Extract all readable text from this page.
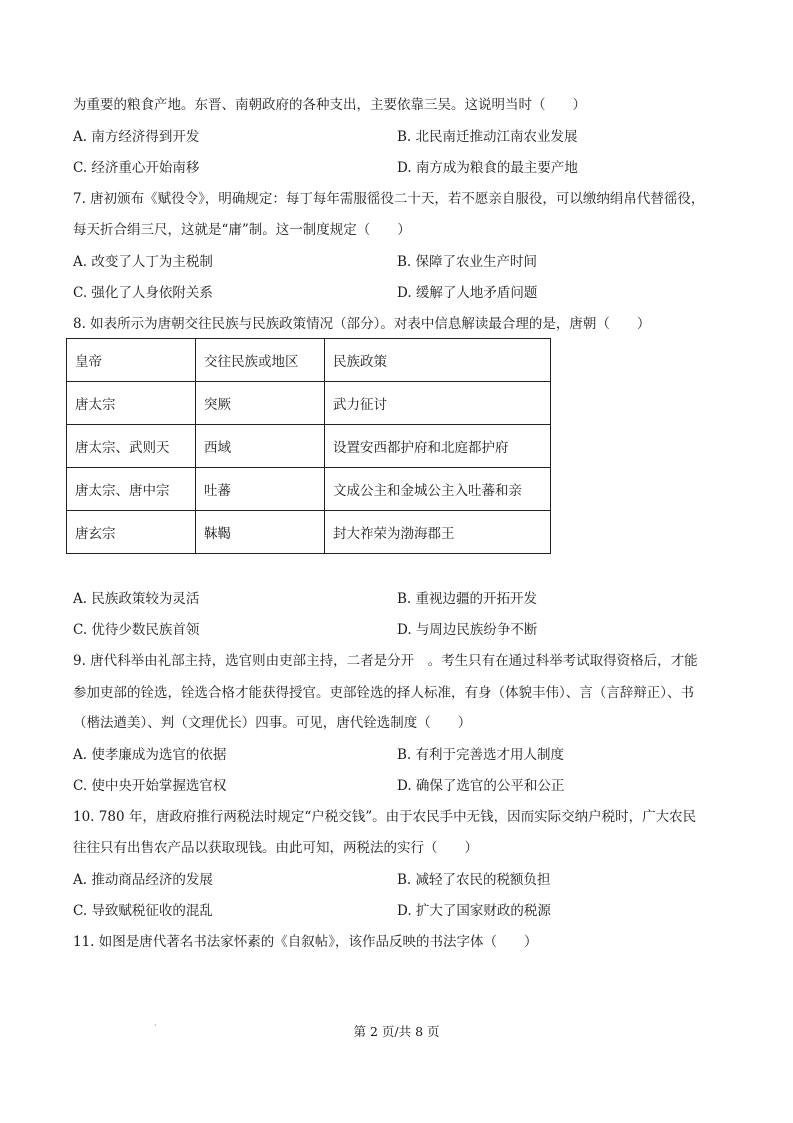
为重要的粮食产地。东晋、南朝政府的各种支出，主要依靠三吴。这说明当时（　　）
A. 南方经济得到开发	B. 北民南迁推动江南农业发展
C. 经济重心开始南移	D. 南方成为粮食的最主要产地
7. 唐初颁布《赋役令》，明确规定：每丁每年需服徭役二十天，若不愿亲自服役，可以缴纳绢帛代替徭役，
每天折合绢三尺，这就是“庸”制。这一制度规定（　　）
A. 改变了人丁为主税制	B. 保障了农业生产时间
C. 强化了人身依附关系	D. 缓解了人地矛盾问题
8. 如表所示为唐朝交往民族与民族政策情况（部分）。对表中信息解读最合理的是，唐朝（　　）
皇帝	交往民族或地区	民族政策
唐太宗	突厥	武力征讨
唐太宗、武则天	西域	设置安西都护府和北庭都护府
唐太宗、唐中宗	吐蕃	文成公主和金城公主入吐蕃和亲
唐玄宗	靺鞨	封大祚荣为渤海郡王
A. 民族政策较为灵活	B. 重视边疆的开拓开发
C. 优待少数民族首领	D. 与周边民族纷争不断
9. 唐代科举由礼部主持，选官则由吏部主持，二者是分开　。考生只有在通过科举考试取得资格后，才能
参加吏部的铨选，铨选合格才能获得授官。吏部铨选的择人标准，有身（体貌丰伟）、言（言辞辩正）、书
（楷法遒美）、判（文理优长）四事。可见，唐代铨选制度（　　）
A. 使孝廉成为选官的依据	B. 有利于完善选才用人制度
C. 使中央开始掌握选官权	D. 确保了选官的公平和公正
10. 780 年，唐政府推行两税法时规定“户税交钱”。由于农民手中无钱，因而实际交纳户税时，广大农民
往往只有出售农产品以获取现钱。由此可知，两税法的实行（　　）
A. 推动商品经济的发展	B. 减轻了农民的税额负担
C. 导致赋税征收的混乱	D. 扩大了国家财政的税源
11. 如图是唐代著名书法家怀素的《自叙帖》，该作品反映的书法字体（　　）
·	第 2 页/共 8 页
